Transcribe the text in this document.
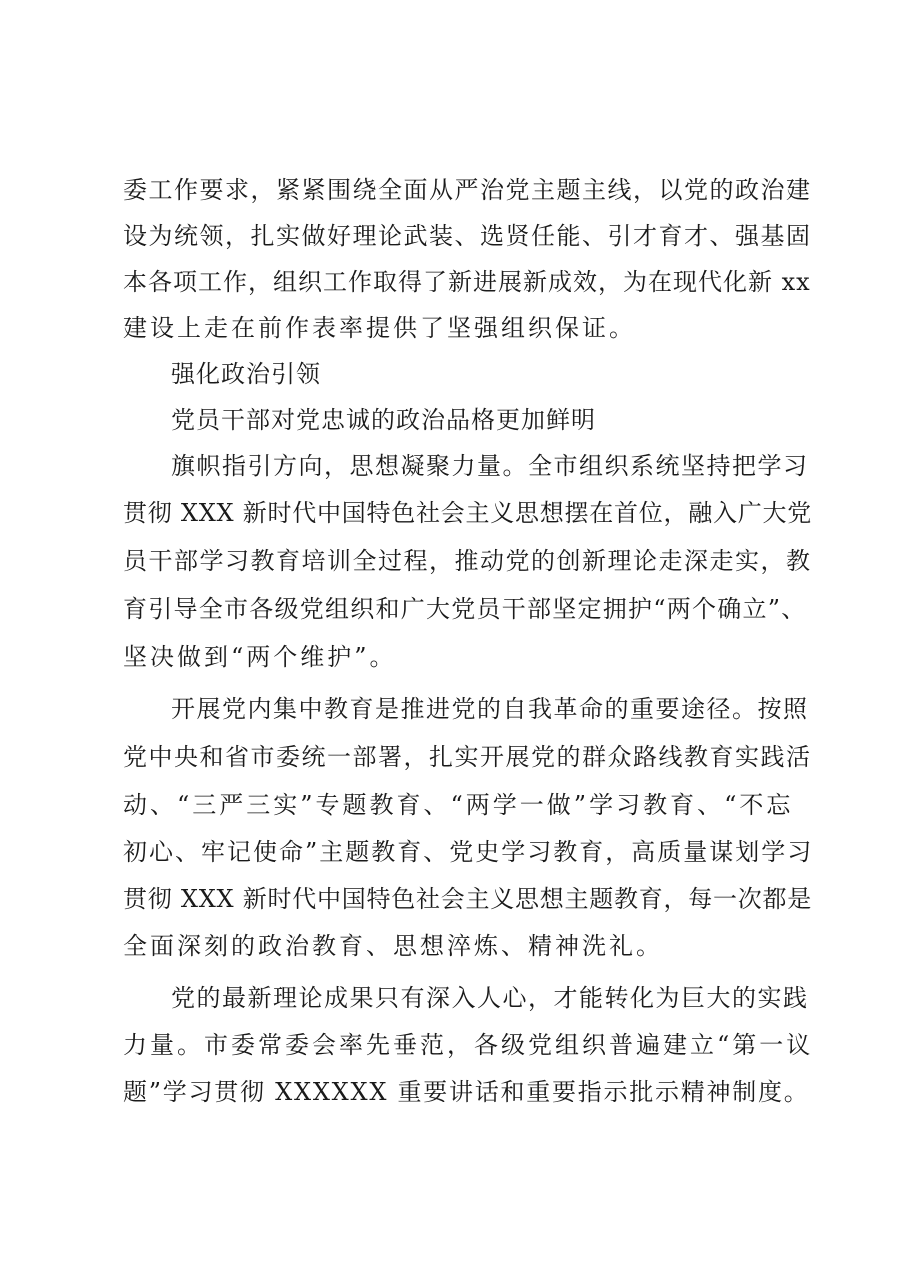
委工作要求，紧紧围绕全面从严治党主题主线，以党的政治建
设为统领，扎实做好理论武装、选贤任能、引才育才、强基固
本各项工作，组织工作取得了新进展新成效，为在现代化新 xx
建设上走在前作表率提供了坚强组织保证。
强化政治引领
党员干部对党忠诚的政治品格更加鲜明
旗帜指引方向，思想凝聚力量。全市组织系统坚持把学习
贯彻 XXX 新时代中国特色社会主义思想摆在首位，融入广大党
员干部学习教育培训全过程，推动党的创新理论走深走实，教
育引导全市各级党组织和广大党员干部坚定拥护“两个确立”、
坚决做到“两个维护”。
开展党内集中教育是推进党的自我革命的重要途径。按照
党中央和省市委统一部署，扎实开展党的群众路线教育实践活
动、“三严三实”专题教育、“两学一做”学习教育、“不忘
初心、牢记使命”主题教育、党史学习教育，高质量谋划学习
贯彻 XXX 新时代中国特色社会主义思想主题教育，每一次都是
全面深刻的政治教育、思想淬炼、精神洗礼。
党的最新理论成果只有深入人心，才能转化为巨大的实践
力量。市委常委会率先垂范，各级党组织普遍建立“第一议
题”学习贯彻 XXXXXX 重要讲话和重要指示批示精神制度。
